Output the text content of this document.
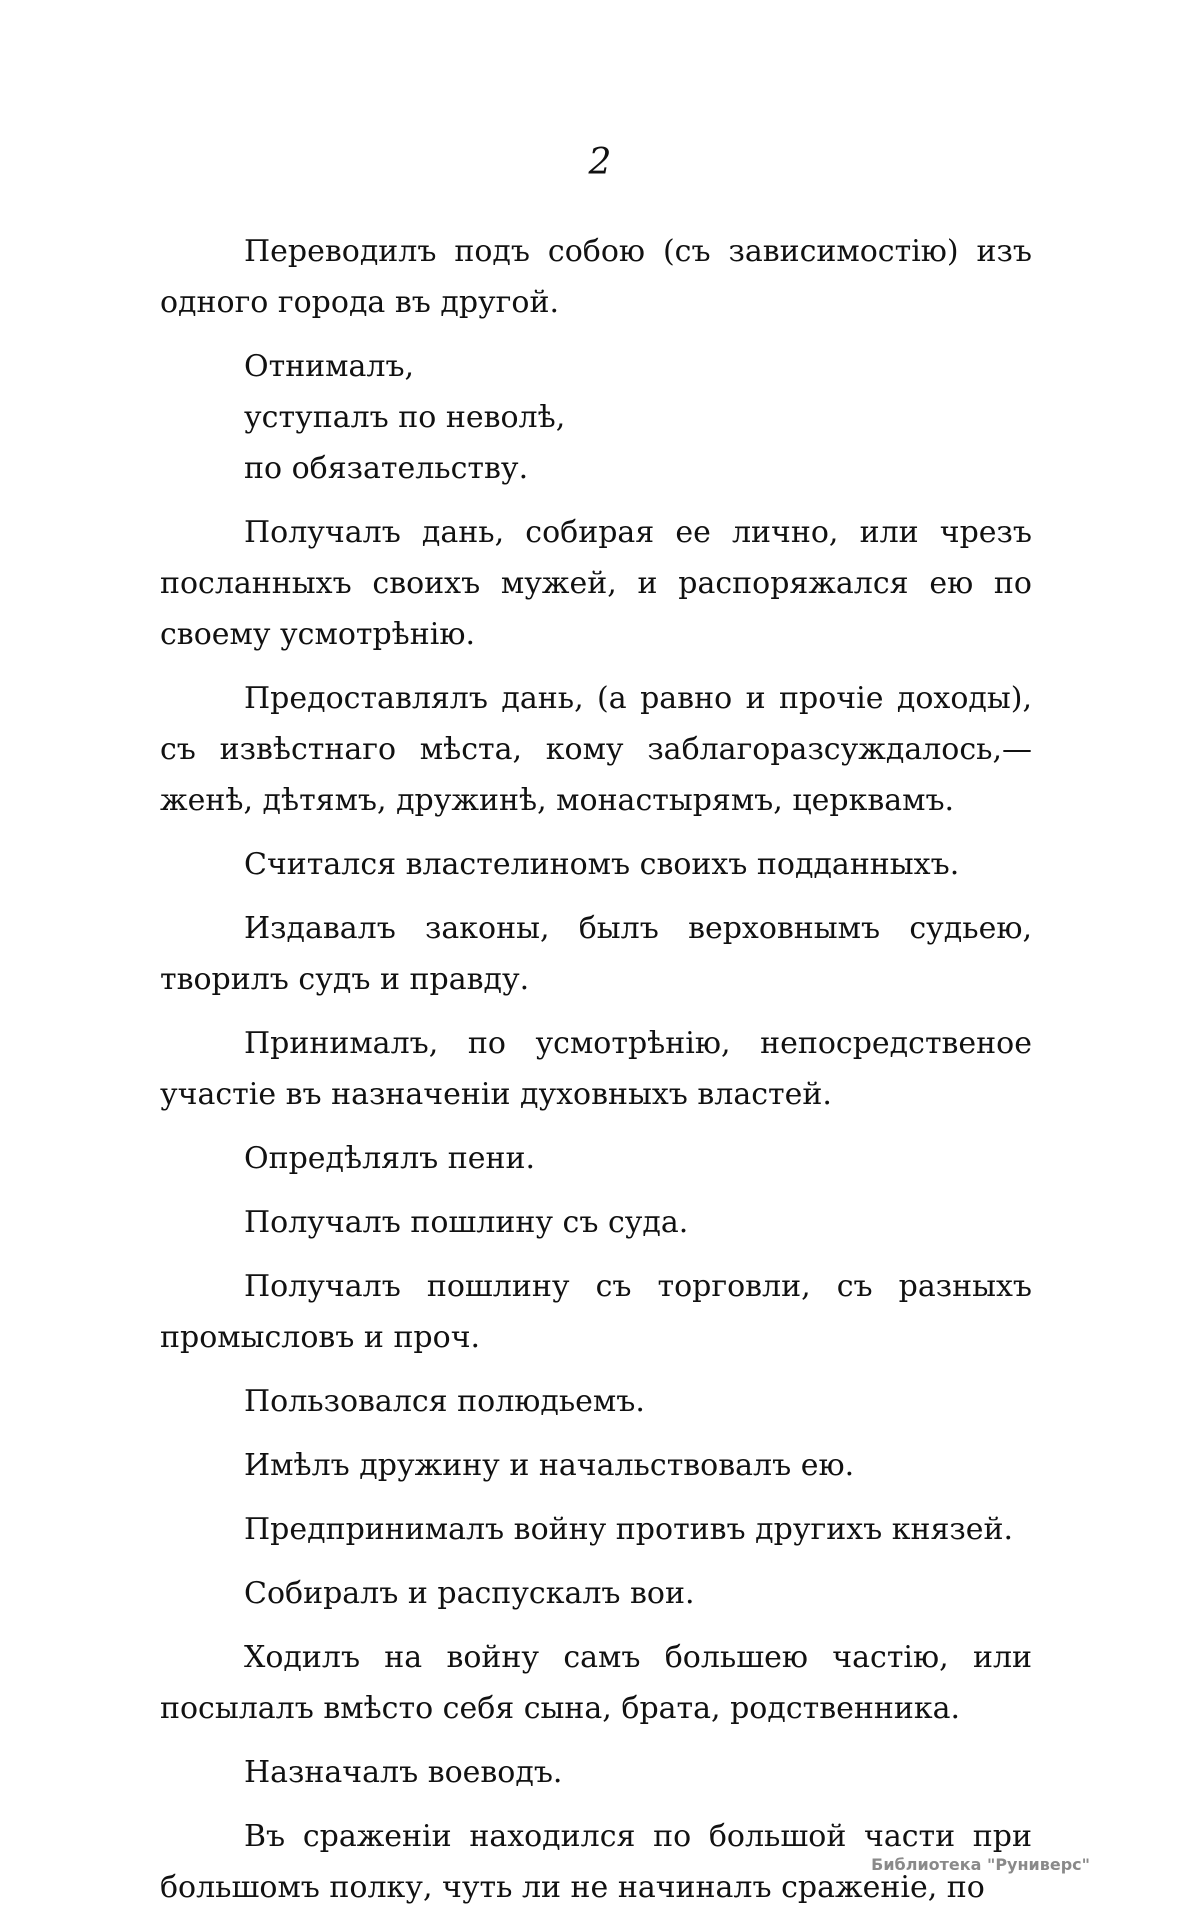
2

Переводилъ подъ собою (съ зависимостію) изъ одного города въ другой.

Отнималъ,

уступалъ по неволѣ,

по обязательству.

Получалъ дань, собирая ее лично, или чрезъ посланныхъ своихъ мужей, и распоряжался ею по своему усмотрѣнію.

Предоставлялъ дань, (а равно и прочіе доходы), съ извѣстнаго мѣста, кому заблагоразсуждалось,—женѣ, дѣтямъ, дружинѣ, монастырямъ, церквамъ.

Считался властелиномъ своихъ подданныхъ.

Издавалъ законы, былъ верховнымъ судьею, творилъ судъ и правду.

Принималъ, по усмотрѣнію, непосредственое участіе въ назначеніи духовныхъ властей.

Опредѣлялъ пени.

Получалъ пошлину съ суда.

Получалъ пошлину съ торговли, съ разныхъ промысловъ и проч.

Пользовался полюдьемъ.

Имѣлъ дружину и начальствовалъ ею.

Предпринималъ войну противъ другихъ князей.

Собиралъ и распускалъ вои.

Ходилъ на войну самъ большею частію, или посылалъ вмѣсто себя сына, брата, родственника.

Назначалъ воеводъ.

Въ сраженіи находился по большой части при большомъ полку, чуть ли не начиналъ сраженіе, по

Библиотека "Руниверс"
